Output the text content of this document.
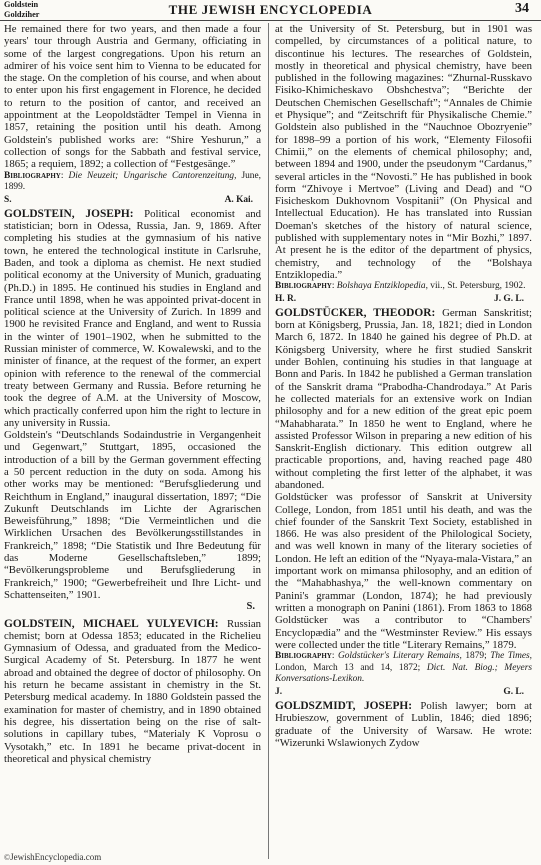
Goldstein
Goldziher	THE JEWISH ENCYCLOPEDIA	34

He remained there for two years, and then made a four years' tour through Austria and Germany, officiating in some of the largest congregations. Upon his return an admirer of his voice sent him to Vienna to be educated for the stage. On the completion of his course, and when about to enter upon his first engagement in Florence, he decided to return to the position of cantor, and received an appointment at the Leopoldstädter Tempel in Vienna in 1857, retaining the position until his death. Among Goldstein's published works are: “Shire Yeshurun,” a collection of songs for the Sabbath and festival service, 1865; a requiem, 1892; a collection of “Festgesänge.”

Bibliography: Die Neuzeit; Ungarische Cantorenzeitung, June, 1899.

S.	A. Kai.

GOLDSTEIN, JOSEPH: Political economist and statistician; born in Odessa, Russia, Jan. 9, 1869. After completing his studies at the gymnasium of his native town, he entered the technological institute in Carlsruhe, Baden, and took a diploma as chemist. He next studied political economy at the University of Munich, graduating (Ph.D.) in 1895. He continued his studies in England and France until 1898, when he was appointed privat-docent in political science at the University of Zurich. In 1899 and 1900 he revisited France and England, and went to Russia in the winter of 1901–1902, when he submitted to the Russian minister of commerce, W. Kowalewski, and to the minister of finance, at the request of the former, an expert opinion with reference to the renewal of the commercial treaty between Germany and Russia. Before returning he took the degree of A.M. at the University of Moscow, which practically conferred upon him the right to lecture in any university in Russia.

Goldstein's “Deutschlands Sodaindustrie in Vergangenheit und Gegenwart,” Stuttgart, 1895, occasioned the introduction of a bill by the German government effecting a 50 percent reduction in the duty on soda. Among his other works may be mentioned: “Berufsgliederung und Reichthum in England,” inaugural dissertation, 1897; “Die Zukunft Deutschlands im Lichte der Agrarischen Beweisführung,” 1898; “Die Vermeintlichen und die Wirklichen Ursachen des Bevölkerungsstillstandes in Frankreich,” 1898; “Die Statistik und Ihre Bedeutung für das Moderne Gesellschaftsleben,” 1899; “Bevölkerungsprobleme und Berufsgliederung in Frankreich,” 1900; “Gewerbefreiheit und Ihre Licht- und Schattenseiten,” 1901.

S.

GOLDSTEIN, MICHAEL YULYEVICH: Russian chemist; born at Odessa 1853; educated in the Richelieu Gymnasium of Odessa, and graduated from the Medico-Surgical Academy of St. Petersburg. In 1877 he went abroad and obtained the degree of doctor of philosophy. On his return he became assistant in chemistry in the St. Petersburg medical academy. In 1880 Goldstein passed the examination for master of chemistry, and in 1890 obtained his degree, his dissertation being on the rise of salt-solutions in capillary tubes, “Materialy K Voprosu o Vysotakh,” etc. In 1891 he became privat-docent in theoretical and physical chemistry

at the University of St. Petersburg, but in 1901 was compelled, by circumstances of a political nature, to discontinue his lectures. The researches of Goldstein, mostly in theoretical and physical chemistry, have been published in the following magazines: “Zhurnal-Russkavo Fisiko-Khimicheskavo Obshchestva”; “Berichte der Deutschen Chemischen Gesellschaft”; “Annales de Chimie et Physique”; and “Zeitschrift für Physikalische Chemie.” Goldstein also published in the “Nauchnoe Obozryenie” for 1898–99 a portion of his work, “Elementy Filosofii Chimii,” on the elements of chemical philosophy; and, between 1894 and 1900, under the pseudonym “Cardanus,” several articles in the “Novosti.” He has published in book form “Zhivoye i Mertvoe” (Living and Dead) and “O Fisicheskom Dukhovnom Vospitanii” (On Physical and Intellectual Education). He has translated into Russian Doeman's sketches of the history of natural science, published with supplementary notes in “Mir Bozhi,” 1897. At present he is the editor of the department of physics, chemistry, and technology of the “Bolshaya Entziklopedia.”

Bibliography: Bolshaya Entziklopedia, vii., St. Petersburg, 1902.

H. R.	J. G. L.

GOLDSTÜCKER, THEODOR: German Sanskritist; born at Königsberg, Prussia, Jan. 18, 1821; died in London March 6, 1872. In 1840 he gained his degree of Ph.D. at Königsberg University, where he first studied Sanskrit under Bohlen, continuing his studies in that language at Bonn and Paris. In 1842 he published a German translation of the Sanskrit drama “Prabodha-Chandrodaya.” At Paris he collected materials for an extensive work on Indian philosophy and for a new edition of the great epic poem “Mahabharata.” In 1850 he went to England, where he assisted Professor Wilson in preparing a new edition of his Sanskrit-English dictionary. This edition outgrew all practicable proportions, and, having reached page 480 without completing the first letter of the alphabet, it was abandoned.

Goldstücker was professor of Sanskrit at University College, London, from 1851 until his death, and was the chief founder of the Sanskrit Text Society, established in 1866. He was also president of the Philological Society, and was well known in many of the literary societies of London. He left an edition of the “Nyaya-mala-Vistara,” an important work on mimansa philosophy, and an edition of the “Mahabhashya,” the well-known commentary on Panini's grammar (London, 1874); he had previously written a monograph on Panini (1861). From 1863 to 1868 Goldstücker was a contributor to “Chambers' Encyclopædia” and the “Westminster Review.” His essays were collected under the title “Literary Remains,” 1879.

Bibliography: Goldstücker's Literary Remains, 1879; The Times, London, March 13 and 14, 1872; Dict. Nat. Biog.; Meyers Konversations-Lexikon.

J.	G. L.

GOLDSZMIDT, JOSEPH: Polish lawyer; born at Hrubieszow, government of Lublin, 1846; died 1896; graduate of the University of Warsaw. He wrote: “Wizerunki Wslawionych Zydow

©JewishEncyclopedia.com
